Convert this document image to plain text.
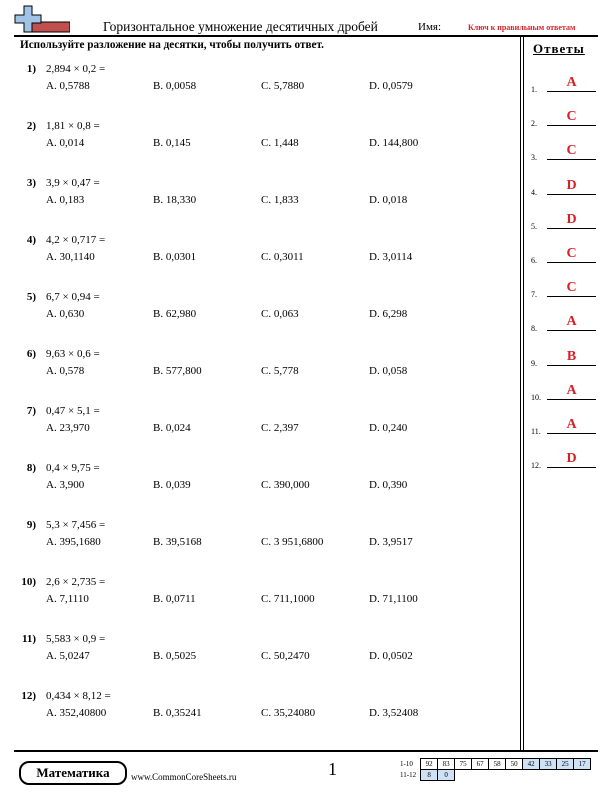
Горизонтальное умножение десятичных дробей	Имя:	Ключ к правильным ответам
Используйте разложение на десятки, чтобы получить ответ.	Ответы
1) 2,894 × 0,2 =
A. 0,5788	B. 0,0058	C. 5,7880	D. 0,0579
2) 1,81 × 0,8 =
A. 0,014	B. 0,145	C. 1,448	D. 144,800
3) 3,9 × 0,47 =
A. 0,183	B. 18,330	C. 1,833	D. 0,018
4) 4,2 × 0,717 =
A. 30,1140	B. 0,0301	C. 0,3011	D. 3,0114
5) 6,7 × 0,94 =
A. 0,630	B. 62,980	C. 0,063	D. 6,298
6) 9,63 × 0,6 =
A. 0,578	B. 577,800	C. 5,778	D. 0,058
7) 0,47 × 5,1 =
A. 23,970	B. 0,024	C. 2,397	D. 0,240
8) 0,4 × 9,75 =
A. 3,900	B. 0,039	C. 390,000	D. 0,390
9) 5,3 × 7,456 =
A. 395,1680	B. 39,5168	C. 3 951,6800	D. 3,9517
10) 2,6 × 2,735 =
A. 7,1110	B. 0,0711	C. 711,1000	D. 71,1100
11) 5,583 × 0,9 =
A. 5,0247	B. 0,5025	C. 50,2470	D. 0,0502
12) 0,434 × 8,12 =
A. 352,40800	B. 0,35241	C. 35,24080	D. 3,52408
1.	A
2.	C
3.	C
4.	D
5.	D
6.	C
7.	C
8.	A
9.	B
10.	A
11.	A
12.	D
Математика	www.CommonCoreSheets.ru	1	1-10	92	83	75	67	58	50	42	33	25	17
11-12	8	0								
